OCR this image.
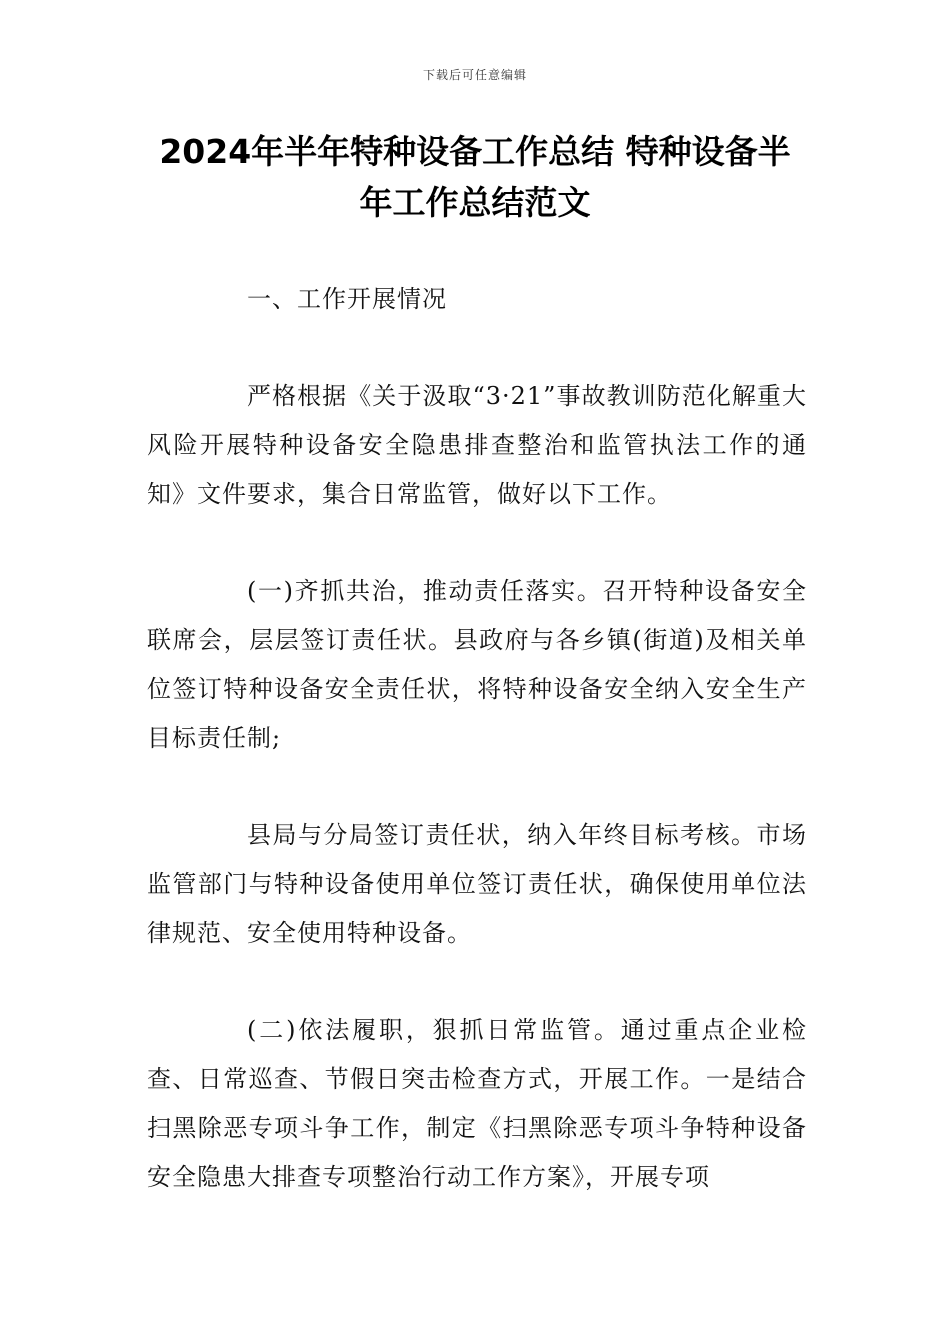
下载后可任意编辑
2024年半年特种设备工作总结 特种设备半
年工作总结范文

一、工作开展情况

严格根据《关于汲取“3·21”事故教训防范化解重大风险开展特种设备安全隐患排查整治和监管执法工作的通知》文件要求，集合日常监管，做好以下工作。

(一)齐抓共治，推动责任落实。召开特种设备安全联席会，层层签订责任状。县政府与各乡镇(街道)及相关单位签订特种设备安全责任状，将特种设备安全纳入安全生产目标责任制;

县局与分局签订责任状，纳入年终目标考核。市场监管部门与特种设备使用单位签订责任状，确保使用单位法律规范、安全使用特种设备。

(二)依法履职，狠抓日常监管。通过重点企业检查、日常巡查、节假日突击检查方式，开展工作。一是结合扫黑除恶专项斗争工作，制定《扫黑除恶专项斗争特种设备安全隐患大排查专项整治行动工作方案》，开展专项
